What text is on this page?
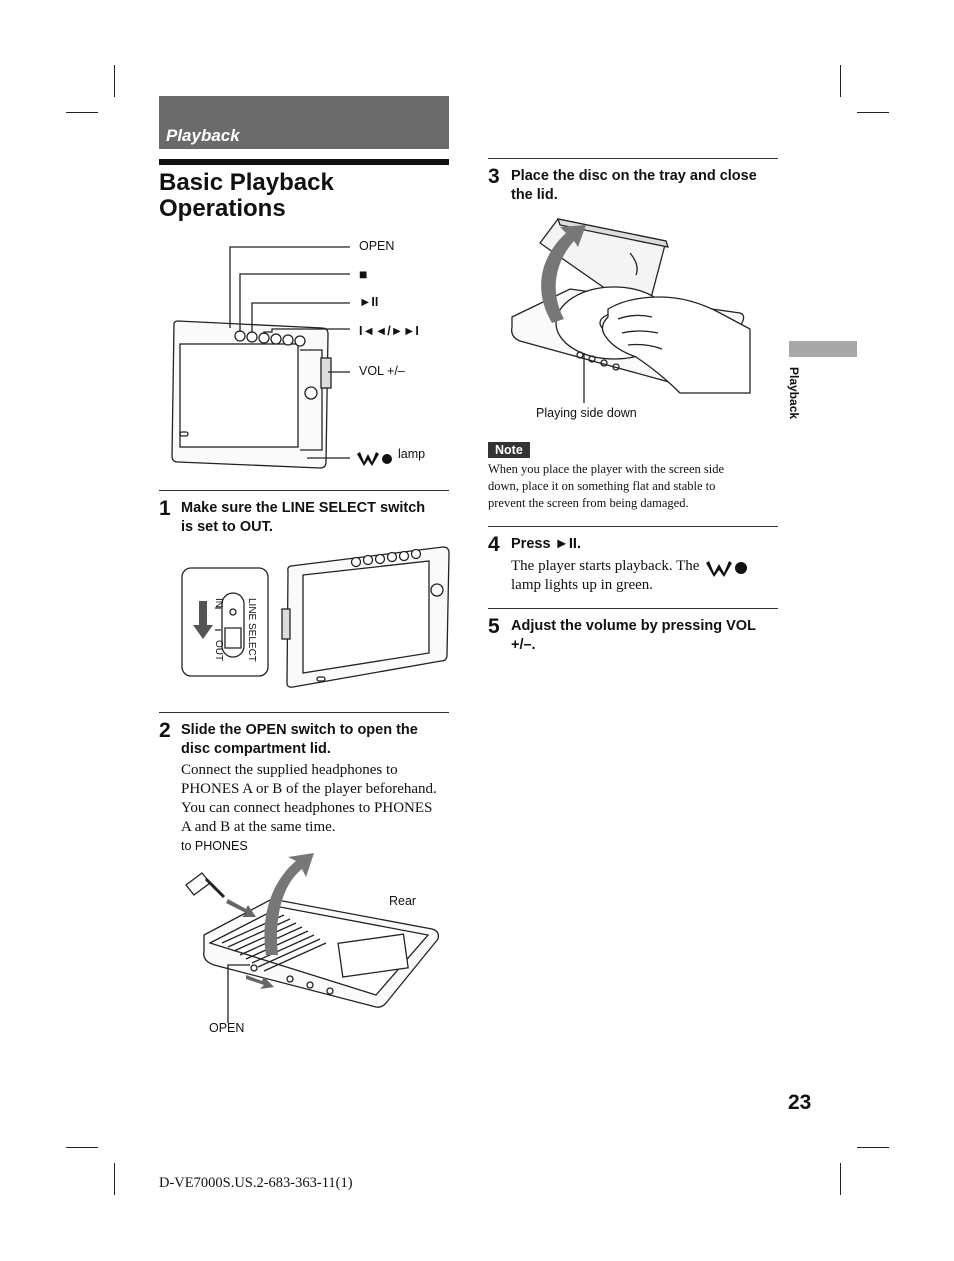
Playback
Basic Playback
Operations
OPEN
■
►II
I◄◄/►►I
VOL +/–
lamp
1 Make sure the LINE SELECT switch
is set to OUT.
LINE SELECT
IN
OUT
2 Slide the OPEN switch to open the
disc compartment lid.
Connect the supplied headphones to
PHONES A or B of the player beforehand.
You can connect headphones to PHONES
A and B at the same time.
to PHONES
Rear
OPEN
3 Place the disc on the tray and close
the lid.
Playing side down
Note
When you place the player with the screen side
down, place it on something flat and stable to
prevent the screen from being damaged.
4 Press ►II.
The player starts playback. The
lamp lights up in green.
5 Adjust the volume by pressing VOL
+/–.
Playback
23
D-VE7000S.US.2-683-363-11(1)
